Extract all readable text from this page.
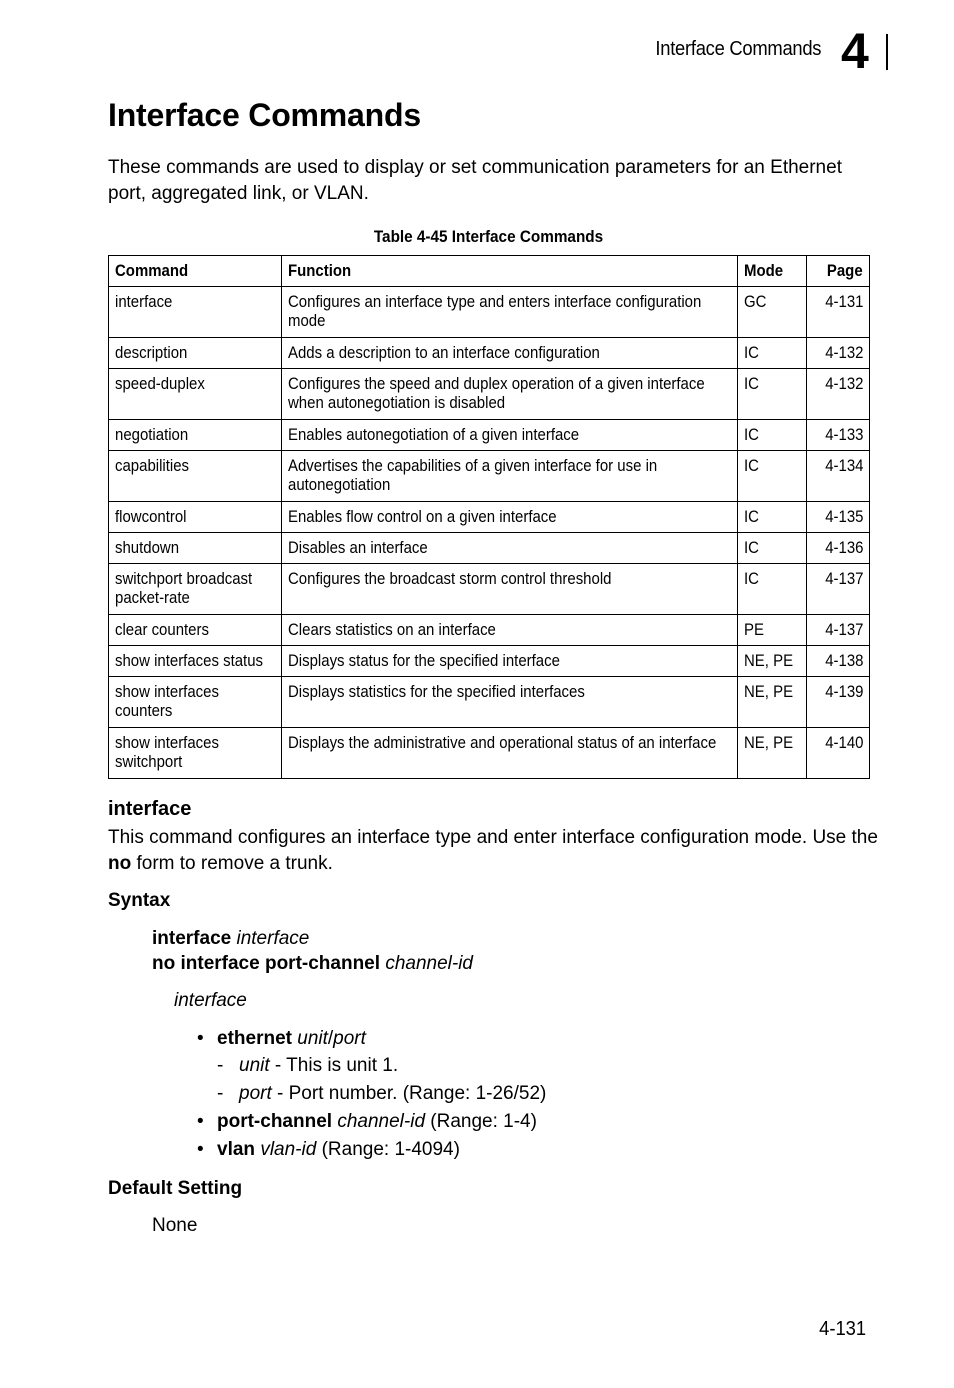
Interface Commands 4
Interface Commands

These commands are used to display or set communication parameters for an Ethernet port, aggregated link, or VLAN.

Table 4-45 Interface Commands
Command	Function	Mode	Page

interface	Configures an interface type and enters interface configuration mode	GC	4-131

description	Adds a description to an interface configuration	IC	4-132

speed-duplex	Configures the speed and duplex operation of a given interface when autonegotiation is disabled	IC	4-132

negotiation	Enables autonegotiation of a given interface	IC	4-133

capabilities	Advertises the capabilities of a given interface for use in autonegotiation	IC	4-134

flowcontrol	Enables flow control on a given interface	IC	4-135

shutdown	Disables an interface	IC	4-136

switchport broadcast packet-rate	Configures the broadcast storm control threshold	IC	4-137

clear counters	Clears statistics on an interface	PE	4-137

show interfaces status	Displays status for the specified interface	NE, PE	4-138

show interfaces counters	Displays statistics for the specified interfaces	NE, PE	4-139

show interfaces switchport	Displays the administrative and operational status of an interface	NE, PE	4-140
interface

This command configures an interface type and enter interface configuration mode. Use the no form to remove a trunk.

Syntax
interface interface
no interface port-channel channel-id
interface
• ethernet unit/port
- unit - This is unit 1.
- port - Port number. (Range: 1-26/52)
• port-channel channel-id (Range: 1-4)
• vlan vlan-id (Range: 1-4094)
Default Setting
None
4-131
